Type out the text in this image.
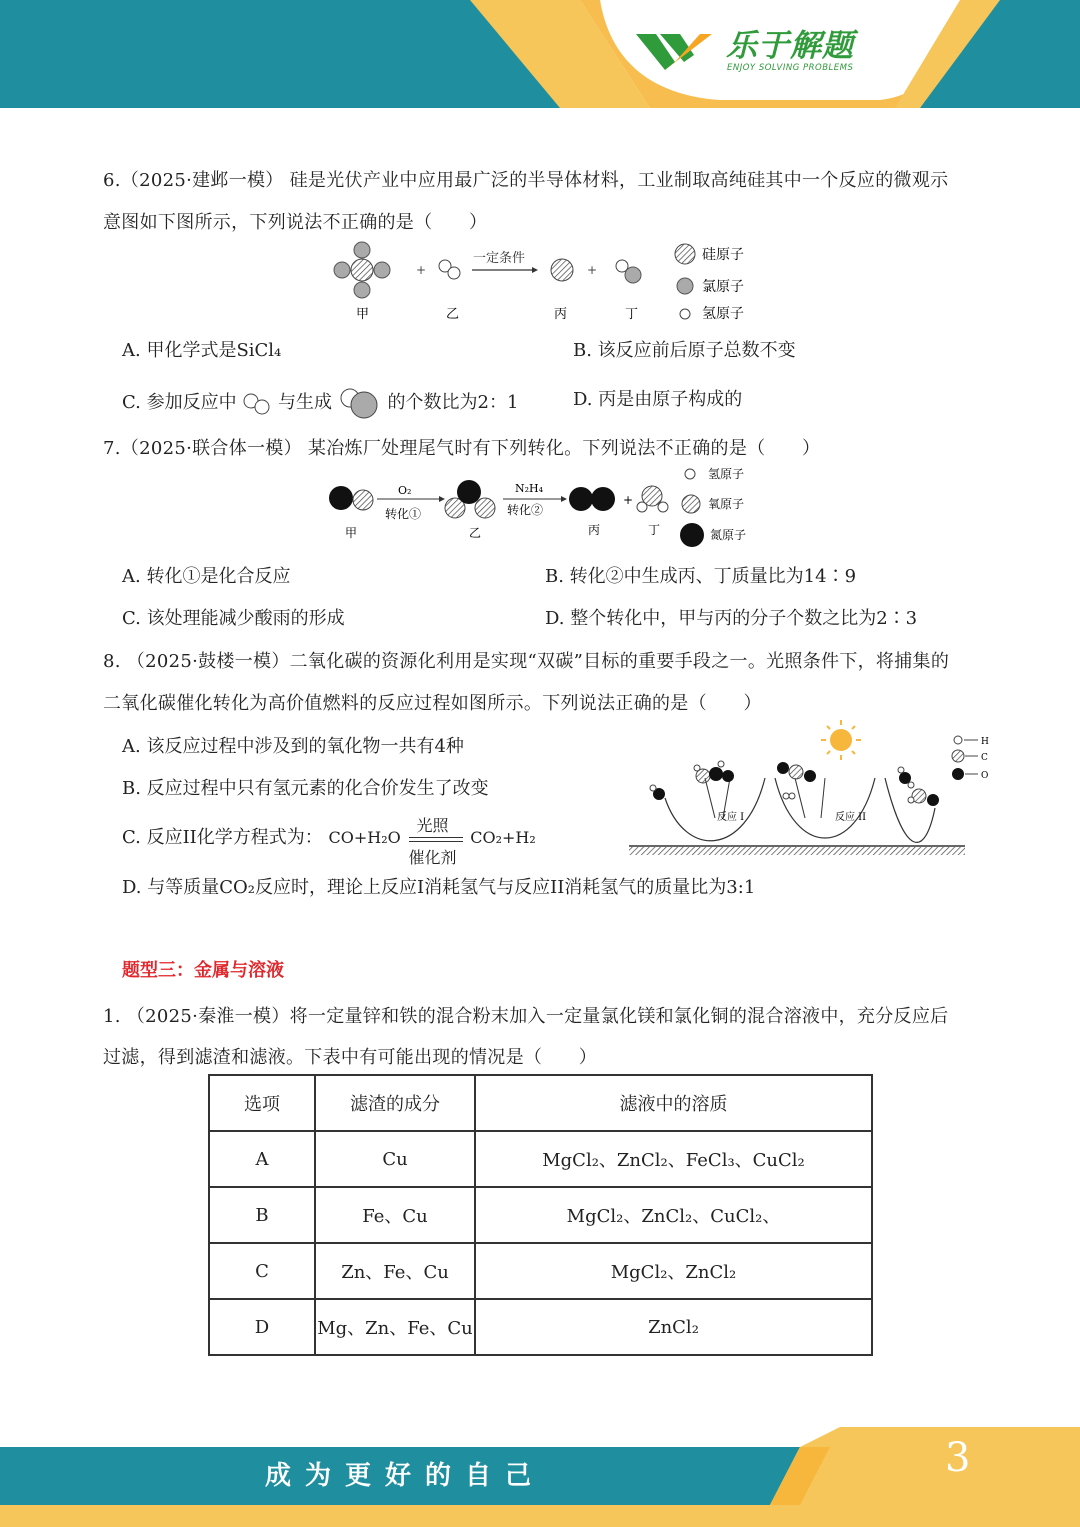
乐于解题
ENJOY SOLVING PROBLEMS
6.（2025·建邺一模） 硅是光伏产业中应用最广泛的半导体材料，工业制取高纯硅其中一个反应的微观示
意图如下图所示，下列说法不正确的是（　　）
+
一定条件
+
甲	乙	丙	丁
硅原子
氯原子
氢原子
A. 甲化学式是SiCl₄	B. 该反应前后原子总数不变
C. 参加反应中 与生成	的个数比为2：1	D. 丙是由原子构成的
7.（2025·联合体一模） 某冶炼厂处理尾气时有下列转化。下列说法不正确的是（　　）
O₂
转化①
N₂H₄
转化②
+
甲	乙	丙	丁
氢原子
氧原子
氮原子
A. 转化①是化合反应	B. 转化②中生成丙、丁质量比为14∶9
C. 该处理能减少酸雨的形成	D. 整个转化中，甲与丙的分子个数之比为2∶3
8. （2025·鼓楼一模）二氧化碳的资源化利用是实现“双碳”目标的重要手段之一。光照条件下，将捕集的
二氧化碳催化转化为高价值燃料的反应过程如图所示。下列说法正确的是（　　）
A. 该反应过程中涉及到的氧化物一共有4种
B. 反应过程中只有氢元素的化合价发生了改变
C. 反应II化学方程式为： CO+H₂O
光照
催化剂
CO₂+H₂
D. 与等质量CO₂反应时，理论上反应I消耗氢气与反应II消耗氢气的质量比为3:1
反应 I	反应 II
H
C
O
题型三：金属与溶液
1. （2025·秦淮一模）将一定量锌和铁的混合粉末加入一定量氯化镁和氯化铜的混合溶液中，充分反应后
过滤，得到滤渣和滤液。下表中有可能出现的情况是（　　）
选项	滤渣的成分	滤液中的溶质
A	Cu	MgCl₂、ZnCl₂、FeCl₃、CuCl₂
B	Fe、Cu	MgCl₂、ZnCl₂、CuCl₂、
C	Zn、Fe、Cu	MgCl₂、ZnCl₂
D	Mg、Zn、Fe、Cu	ZnCl₂
成为更好的自己	3
